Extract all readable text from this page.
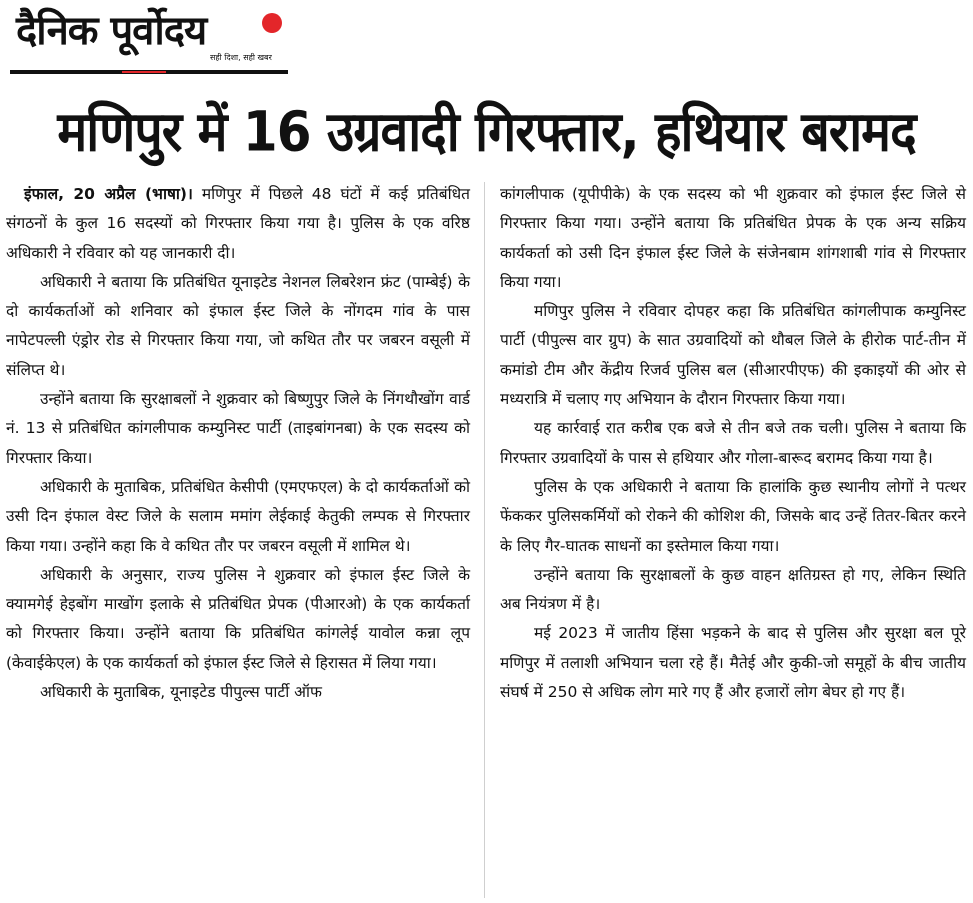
दैनिक पूर्वोदय
सही दिशा, सही खबर
मणिपुर में 16 उग्रवादी गिरफ्तार, हथियार बरामद

इंफाल, 20 अप्रैल (भाषा)। मणिपुर में पिछले 48 घंटों में कई प्रतिबंधित संगठनों के कुल 16 सदस्यों को गिरफ्तार किया गया है। पुलिस के एक वरिष्ठ अधिकारी ने रविवार को यह जानकारी दी।

अधिकारी ने बताया कि प्रतिबंधित यूनाइटेड नेशनल लिबरेशन फ्रंट (पाम्बेई) के दो कार्यकर्ताओं को शनिवार को इंफाल ईस्ट जिले के नोंगदम गांव के पास नापेटपल्ली एंड्रोर रोड से गिरफ्तार किया गया, जो कथित तौर पर जबरन वसूली में संलिप्त थे।

उन्होंने बताया कि सुरक्षाबलों ने शुक्रवार को बिष्णुपुर जिले के निंगथौखोंग वार्ड नं. 13 से प्रतिबंधित कांगलीपाक कम्युनिस्ट पार्टी (ताइबांगनबा) के एक सदस्य को गिरफ्तार किया।

अधिकारी के मुताबिक, प्रतिबंधित केसीपी (एमएफएल) के दो कार्यकर्ताओं को उसी दिन इंफाल वेस्ट जिले के सलाम ममांग लेईकाई केतुकी लम्पक से गिरफ्तार किया गया। उन्होंने कहा कि वे कथित तौर पर जबरन वसूली में शामिल थे।

अधिकारी के अनुसार, राज्य पुलिस ने शुक्रवार को इंफाल ईस्ट जिले के क्यामगेई हेइबोंग माखोंग इलाके से प्रतिबंधित प्रेपक (पीआरओ) के एक कार्यकर्ता को गिरफ्तार किया। उन्होंने बताया कि प्रतिबंधित कांगलेई यावोल कन्ना लूप (केवाईकेएल) के एक कार्यकर्ता को इंफाल ईस्ट जिले से हिरासत में लिया गया।

अधिकारी के मुताबिक, यूनाइटेड पीपुल्स पार्टी ऑफ

कांगलीपाक (यूपीपीके) के एक सदस्य को भी शुक्रवार को इंफाल ईस्ट जिले से गिरफ्तार किया गया। उन्होंने बताया कि प्रतिबंधित प्रेपक के एक अन्य सक्रिय कार्यकर्ता को उसी दिन इंफाल ईस्ट जिले के संजेनबाम शांगशाबी गांव से गिरफ्तार किया गया।

मणिपुर पुलिस ने रविवार दोपहर कहा कि प्रतिबंधित कांगलीपाक कम्युनिस्ट पार्टी (पीपुल्स वार ग्रुप) के सात उग्रवादियों को थौबल जिले के हीरोक पार्ट-तीन में कमांडो टीम और केंद्रीय रिजर्व पुलिस बल (सीआरपीएफ) की इकाइयों की ओर से मध्यरात्रि में चलाए गए अभियान के दौरान गिरफ्तार किया गया।

यह कार्रवाई रात करीब एक बजे से तीन बजे तक चली। पुलिस ने बताया कि गिरफ्तार उग्रवादियों के पास से हथियार और गोला-बारूद बरामद किया गया है।

पुलिस के एक अधिकारी ने बताया कि हालांकि कुछ स्थानीय लोगों ने पत्थर फेंककर पुलिसकर्मियों को रोकने की कोशिश की, जिसके बाद उन्हें तितर-बितर करने के लिए गैर-घातक साधनों का इस्तेमाल किया गया।

उन्होंने बताया कि सुरक्षाबलों के कुछ वाहन क्षतिग्रस्त हो गए, लेकिन स्थिति अब नियंत्रण में है।

मई 2023 में जातीय हिंसा भड़कने के बाद से पुलिस और सुरक्षा बल पूरे मणिपुर में तलाशी अभियान चला रहे हैं। मैतेई और कुकी-जो समूहों के बीच जातीय संघर्ष में 250 से अधिक लोग मारे गए हैं और हजारों लोग बेघर हो गए हैं।
